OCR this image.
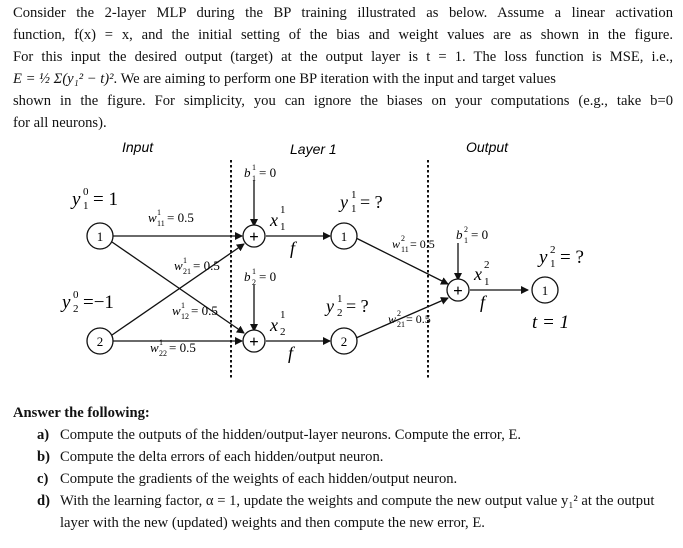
Consider the 2-layer MLP during the BP training illustrated as below. Assume a linear activation
function, f(x) = x, and the initial setting of the bias and weight values are as shown in the figure.
For this input the desired output (target) at the output layer is t = 1. The loss function is MSE, i.e.,
E = ½ Σ(y₁² − t)². We are aiming to perform one BP iteration with the input and target values
shown in the figure. For simplicity, you can ignore the biases on your computations (e.g., take b=0
for all neurons).

Input	Layer 1	Output
1
2
y 0
1 = 1
y 0
2 =−1
w 1
11 = 0.5
w 1
21 = 0.5
w 1
12 = 0.5
w 1
22 = 0.5
b 1
1 = 0
b 1
2 = 0
+
+
x 1
1
x 1
2
f
f
f
1
2
y 1
1 = ?
y 1
2 = ?
w 2
11 = 0.5
w 2
21 = 0.5
b 2
1 = 0
+
x 2
1
1
y 2
1 = ?
t = 1
Answer the following:
a) Compute the outputs of the hidden/output-layer neurons. Compute the error, E.
b) Compute the delta errors of each hidden/output neuron.
c) Compute the gradients of the weights of each hidden/output neuron.
d) With the learning factor, α = 1, update the weights and compute the new output value y₁² at the output layer with the new (updated) weights and then compute the new error, E.
